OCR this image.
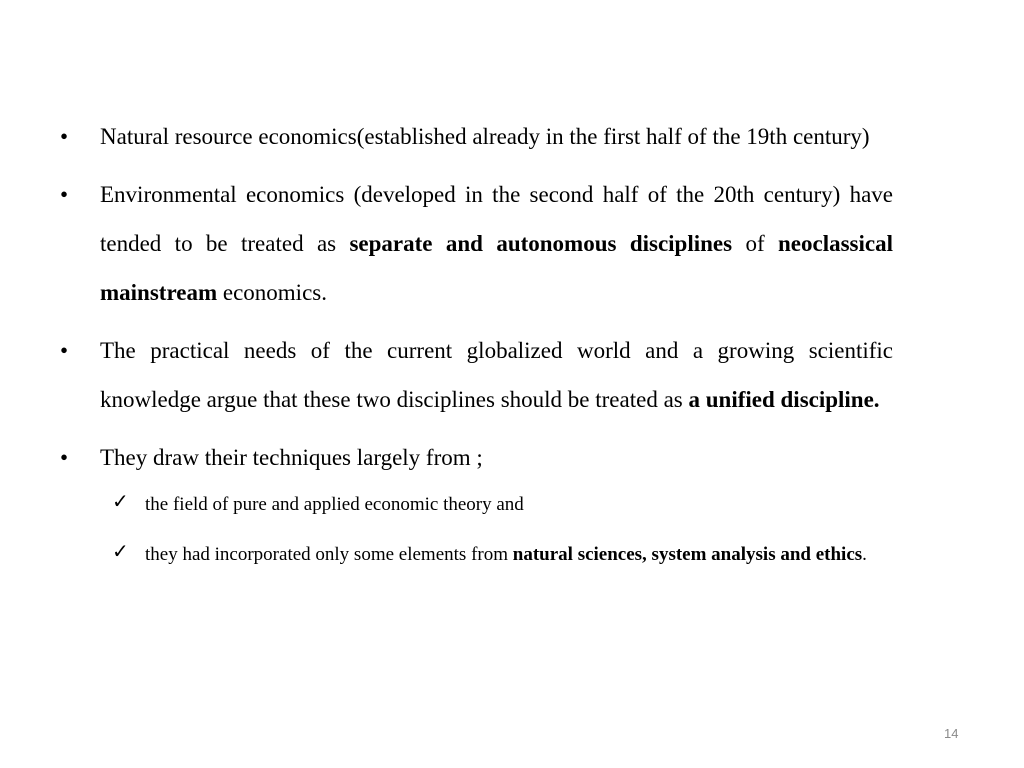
• Natural resource economics(established already in the first half of the 19th century)
• Environmental economics (developed in the second half of the 20th century) have tended to be treated as separate and autonomous disciplines of neoclassical mainstream economics.
• The practical needs of the current globalized world and a growing scientific knowledge argue that these two disciplines should be treated as a unified discipline.
• They draw their techniques largely from ;
✓ the field of pure and applied economic theory and
✓ they had incorporated only some elements from natural sciences, system analysis and ethics.
14
